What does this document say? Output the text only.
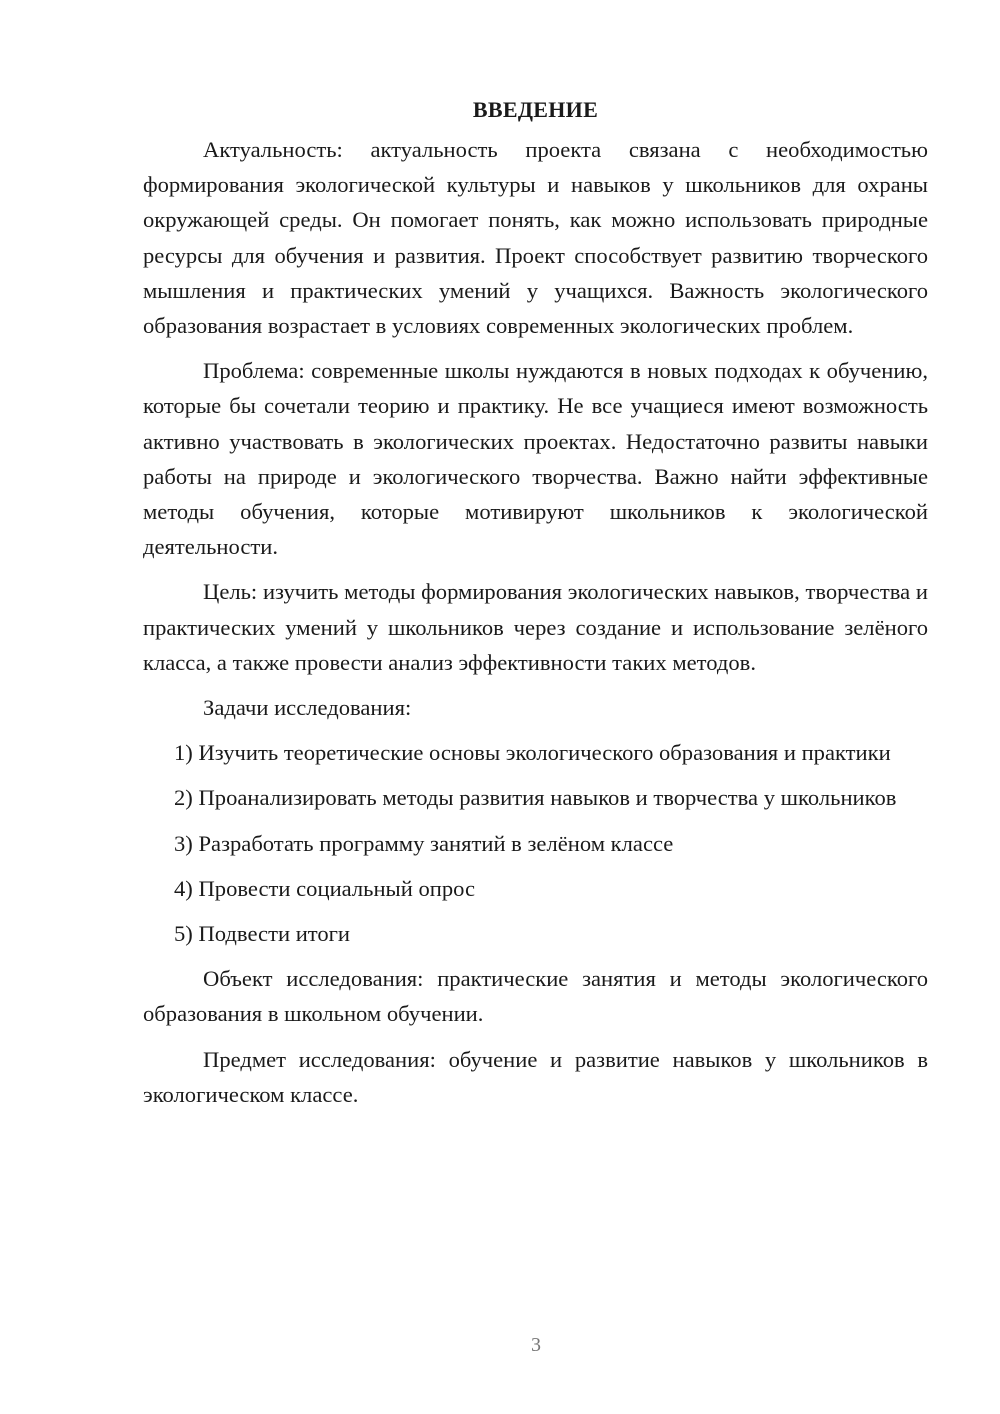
ВВЕДЕНИЕ

Актуальность: актуальность проекта связана с необходимостью формирования экологической культуры и навыков у школьников для охраны окружающей среды. Он помогает понять, как можно использовать природные ресурсы для обучения и развития. Проект способствует развитию творческого мышления и практических умений у учащихся. Важность экологического образования возрастает в условиях современных экологических проблем.

Проблема: современные школы нуждаются в новых подходах к обучению, которые бы сочетали теорию и практику. Не все учащиеся имеют возможность активно участвовать в экологических проектах. Недостаточно развиты навыки работы на природе и экологического творчества. Важно найти эффективные методы обучения, которые мотивируют школьников к экологической деятельности.

Цель: изучить методы формирования экологических навыков, творчества и практических умений у школьников через создание и использование зелёного класса, а также провести анализ эффективности таких методов.

Задачи исследования:

1) Изучить теоретические основы экологического образования и практики

2) Проанализировать методы развития навыков и творчества у школьников

3) Разработать программу занятий в зелёном классе

4) Провести социальный опрос

5) Подвести итоги

Объект исследования: практические занятия и методы экологического образования в школьном обучении.

Предмет исследования: обучение и развитие навыков у школьников в экологическом классе.

3
